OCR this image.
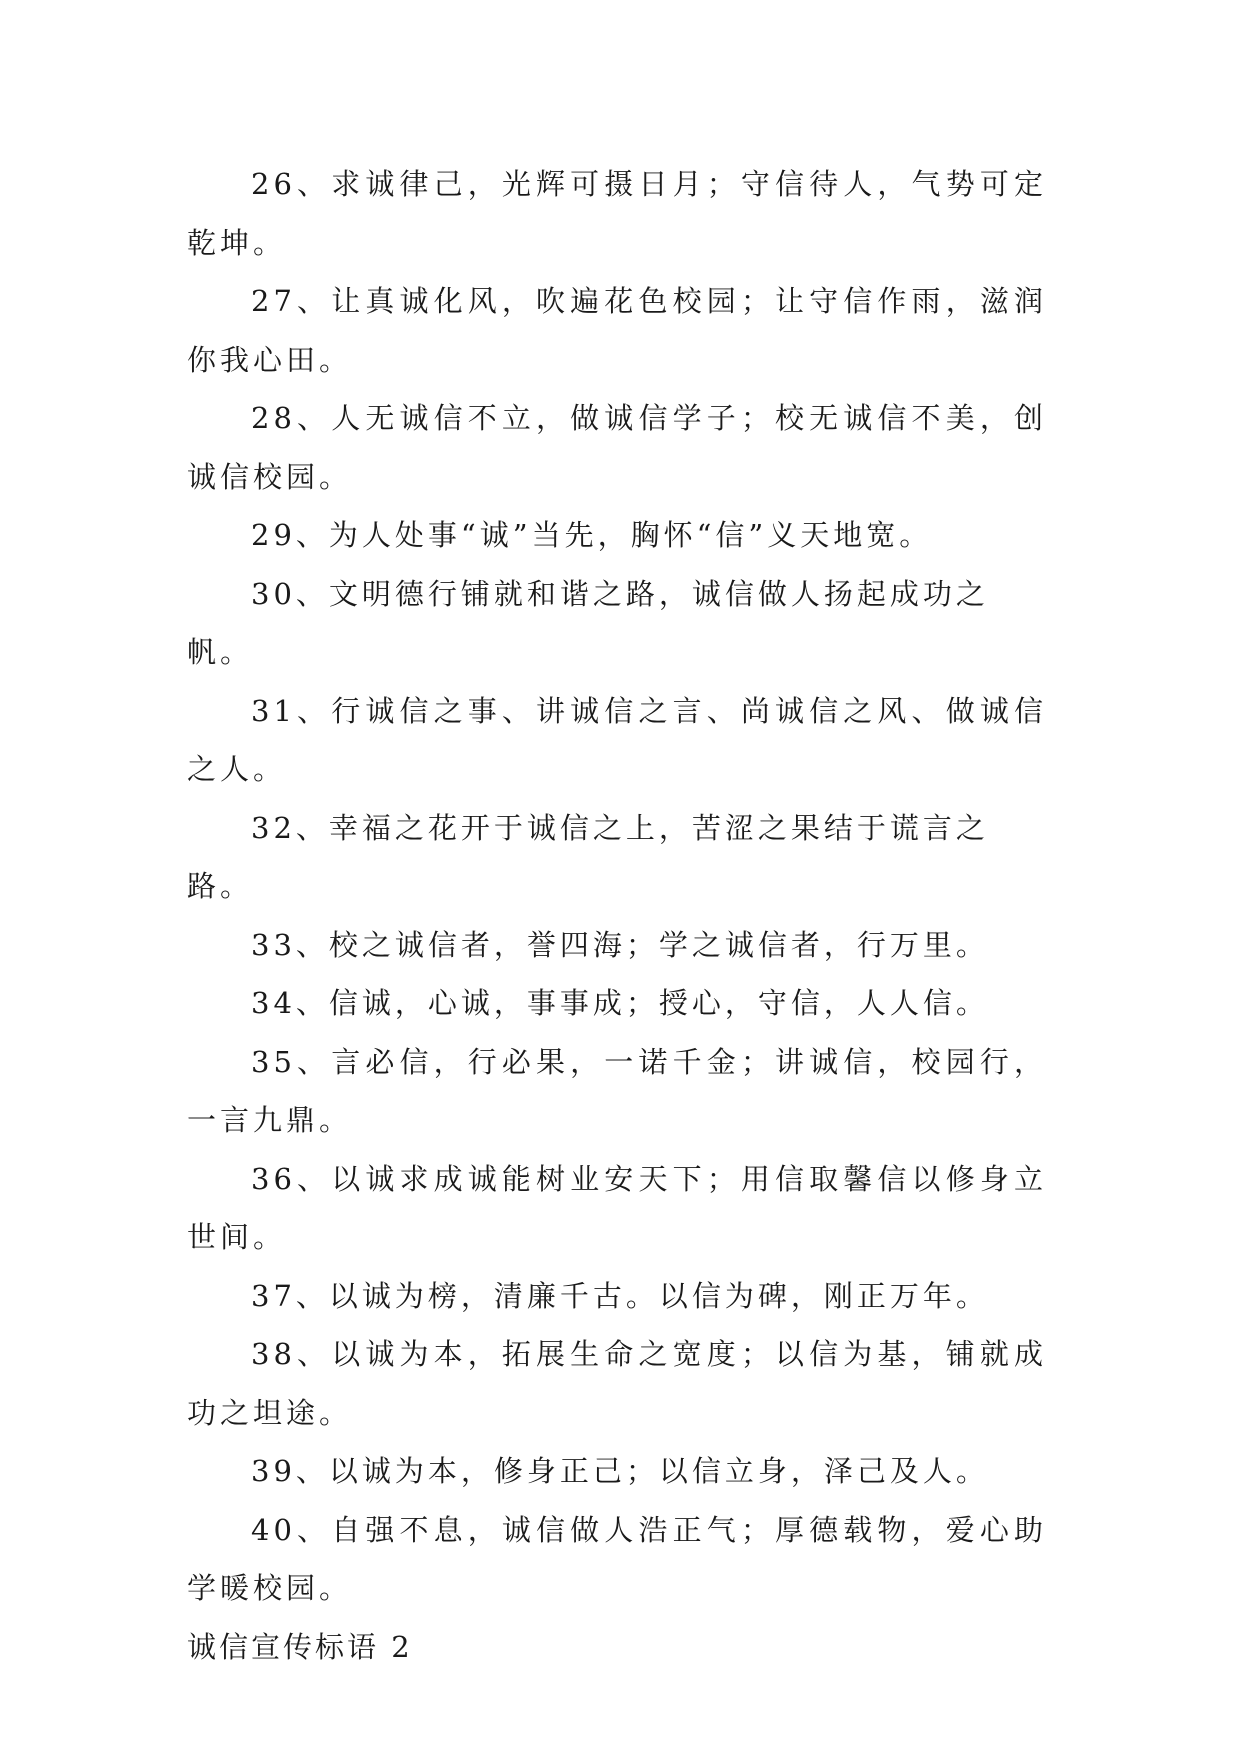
26、求诚律己，光辉可摄日月；守信待人，气势可定乾坤。

27、让真诚化风，吹遍花色校园；让守信作雨，滋润你我心田。

28、人无诚信不立，做诚信学子；校无诚信不美，创诚信校园。

29、为人处事“诚”当先，胸怀“信”义天地宽。

30、文明德行铺就和谐之路，诚信做人扬起成功之帆。

31、行诚信之事、讲诚信之言、尚诚信之风、做诚信之人。

32、幸福之花开于诚信之上，苦涩之果结于谎言之路。

33、校之诚信者，誉四海；学之诚信者，行万里。

34、信诚，心诚，事事成；授心，守信，人人信。

35、言必信，行必果，一诺千金；讲诚信，校园行，一言九鼎。

36、以诚求成诚能树业安天下；用信取馨信以修身立世间。

37、以诚为榜，清廉千古。以信为碑，刚正万年。

38、以诚为本，拓展生命之宽度；以信为基，铺就成功之坦途。

39、以诚为本，修身正己；以信立身，泽己及人。

40、自强不息，诚信做人浩正气；厚德载物，爱心助学暖校园。

诚信宣传标语 2
